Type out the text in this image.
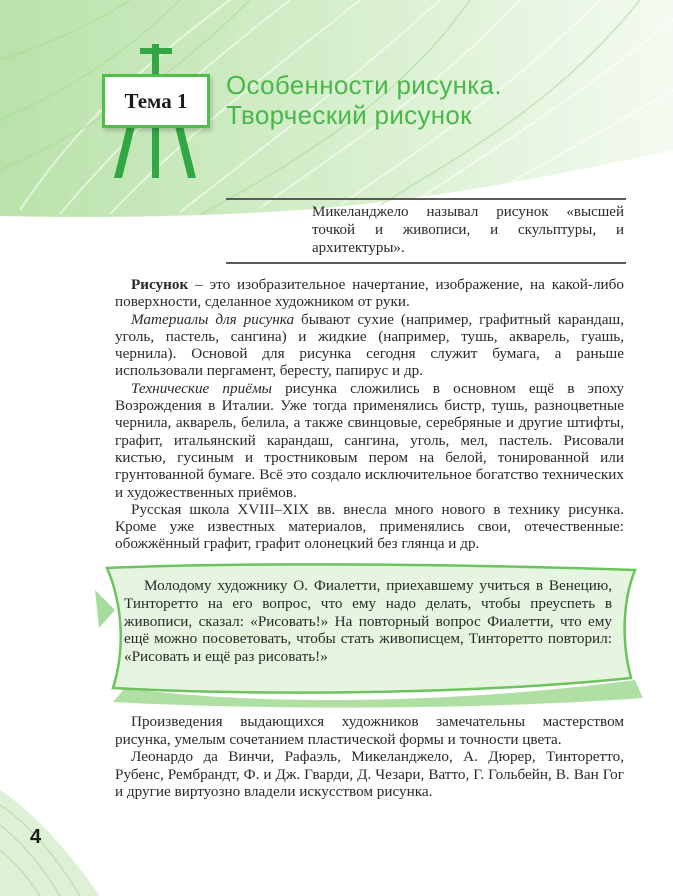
Тема 1
Особенности рисунка.
Творческий рисунок
Микеланджело называл рисунок «высшей точкой и живописи, и скульптуры, и архитектуры».

Рисунок – это изобразительное начертание, изображение, на какой-либо поверхности, сделанное художником от руки.

Материалы для рисунка бывают сухие (например, графитный карандаш, уголь, пастель, сангина) и жидкие (например, тушь, акварель, гуашь, чернила). Основой для рисунка сегодня служит бумага, а раньше использовали пергамент, бересту, папирус и др.

Технические приёмы рисунка сложились в основном ещё в эпоху Возрождения в Италии. Уже тогда применялись бистр, тушь, разноцветные чернила, акварель, белила, а также свинцовые, серебряные и другие штифты, графит, итальянский карандаш, сангина, уголь, мел, пастель. Рисовали кистью, гусиным и тростниковым пером на белой, тонированной или грунтованной бумаге. Всё это создало исключительное богатство технических и художественных приёмов.

Русская школа XVIII–XIX вв. внесла много нового в технику рисунка. Кроме уже известных материалов, применялись свои, отечественные: обожжённый графит, графит олонецкий без глянца и др.

Молодому художнику О. Фиалетти, приехавшему учиться в Венецию, Тинторетто на его вопрос, что ему надо делать, чтобы преуспеть в живописи, сказал: «Рисовать!» На повторный вопрос Фиалетти, что ему ещё можно посоветовать, чтобы стать живописцем, Тинторетто повторил: «Рисовать и ещё раз рисовать!»

Произведения выдающихся художников замечательны мастерством рисунка, умелым сочетанием пластической формы и точности цвета.

Леонардо да Винчи, Рафаэль, Микеланджело, А. Дюрер, Тинторетто, Рубенс, Рембрандт, Ф. и Дж. Гварди, Д. Чезари, Ватто, Г. Гольбейн, В. Ван Гог и другие виртуозно владели искусством рисунка.

4
